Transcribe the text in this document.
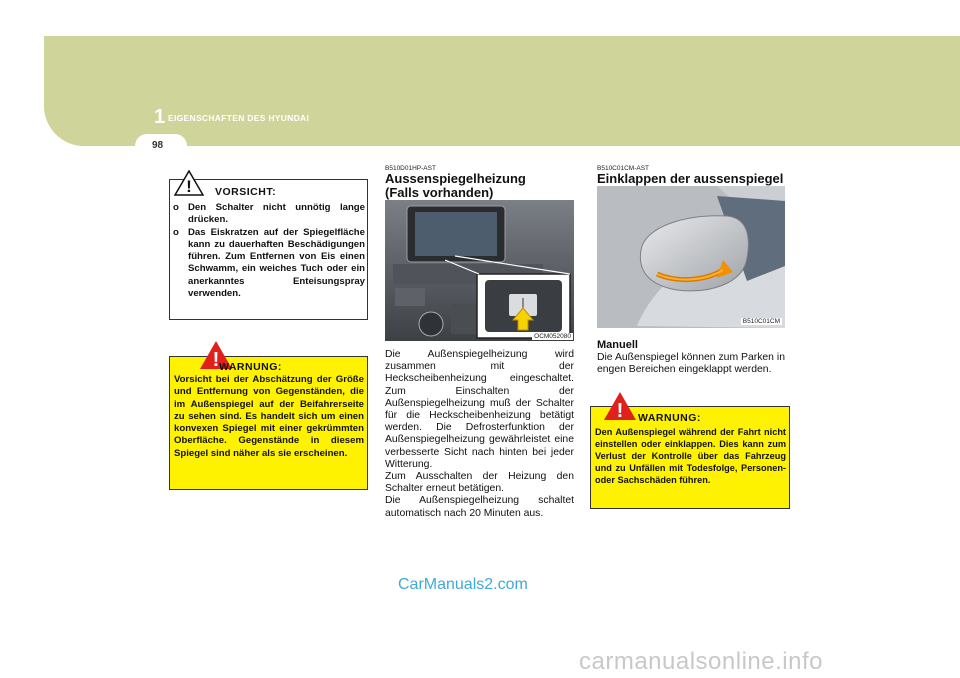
1 EIGENSCHAFTEN DES HYUNDAI
98
! VORSICHT:
o Den Schalter nicht unnötig lange drücken.
o Das Eiskratzen auf der Spiegelfläche kann zu dauerhaften Beschädigungen führen. Zum Entfernen von Eis einen Schwamm, ein weiches Tuch oder ein anerkanntes Enteisungspray verwenden.
! WARNUNG:
Vorsicht bei der Abschätzung der Größe und Entfernung von Gegenständen, die im Außenspiegel auf der Beifahrerseite zu sehen sind. Es handelt sich um einen konvexen Spiegel mit einer gekrümmten Oberfläche. Gegenstände in diesem Spiegel sind näher als sie erscheinen.
B510D01HP-AST
Aussenspiegelheizung
(Falls vorhanden)
OCM052080
Die Außenspiegelheizung wird zusammen mit der Heckscheibenheizung eingeschaltet. Zum Einschalten der Außenspiegelheizung muß der Schalter für die Heckscheibenheizung betätigt werden. Die Defrosterfunktion der Außenspiegelheizung gewährleistet eine verbesserte Sicht nach hinten bei jeder Witterung.
Zum Ausschalten der Heizung den Schalter erneut betätigen.
Die Außenspiegelheizung schaltet automatisch nach 20 Minuten aus.
B510C01CM-AST
Einklappen der aussenspiegel
B510C01CM
Manuell
Die Außenspiegel können zum Parken in engen Bereichen eingeklappt werden.
! WARNUNG:
Den Außenspiegel während der Fahrt nicht einstellen oder einklappen. Dies kann zum Verlust der Kontrolle über das Fahrzeug und zu Unfällen mit Todesfolge, Personen- oder Sachschäden führen.
CarManuals2.com
carmanualsonline.info
